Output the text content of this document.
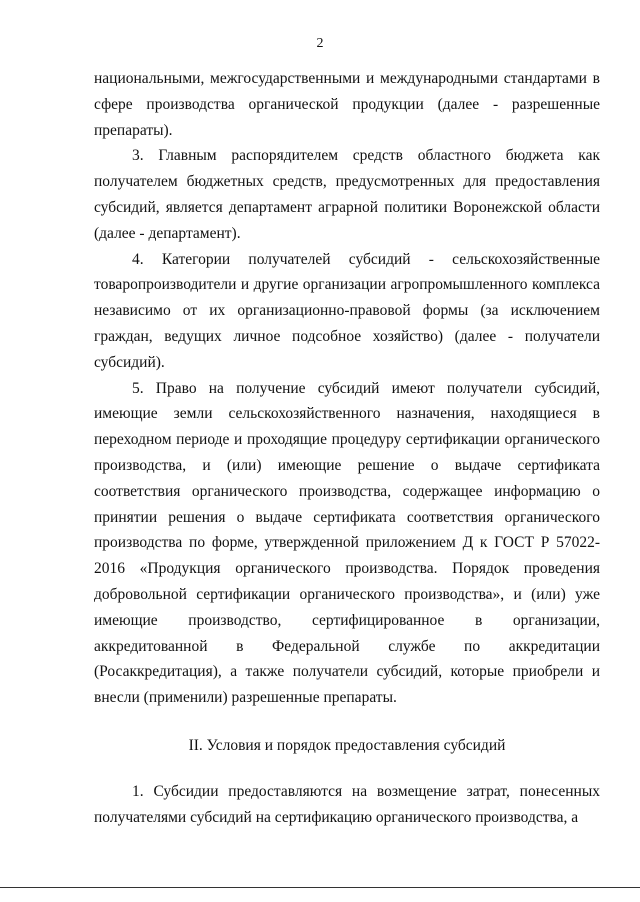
2

национальными, межгосударственными и международными стандартами в сфере производства органической продукции (далее - разрешенные препараты).

3. Главным распорядителем средств областного бюджета как получателем бюджетных средств, предусмотренных для предоставления субсидий, является департамент аграрной политики Воронежской области (далее - департамент).

4. Категории получателей субсидий - сельскохозяйственные товаропроизводители и другие организации агропромышленного комплекса независимо от их организационно-правовой формы (за исключением граждан, ведущих личное подсобное хозяйство) (далее - получатели субсидий).

5. Право на получение субсидий имеют получатели субсидий, имеющие земли сельскохозяйственного назначения, находящиеся в переходном периоде и проходящие процедуру сертификации органического производства, и (или) имеющие решение о выдаче сертификата соответствия органического производства, содержащее информацию о принятии решения о выдаче сертификата соответствия органического производства по форме, утвержденной приложением Д к ГОСТ Р 57022-2016 «Продукция органического производства. Порядок проведения добровольной сертификации органического производства», и (или) уже имеющие производство, сертифицированное в организации, аккредитованной в Федеральной службе по аккредитации (Росаккредитация), а также получатели субсидий, которые приобрели и внесли (применили) разрешенные препараты.

II. Условия и порядок предоставления субсидий

1. Субсидии предоставляются на возмещение затрат, понесенных получателями субсидий на сертификацию органического производства, а
